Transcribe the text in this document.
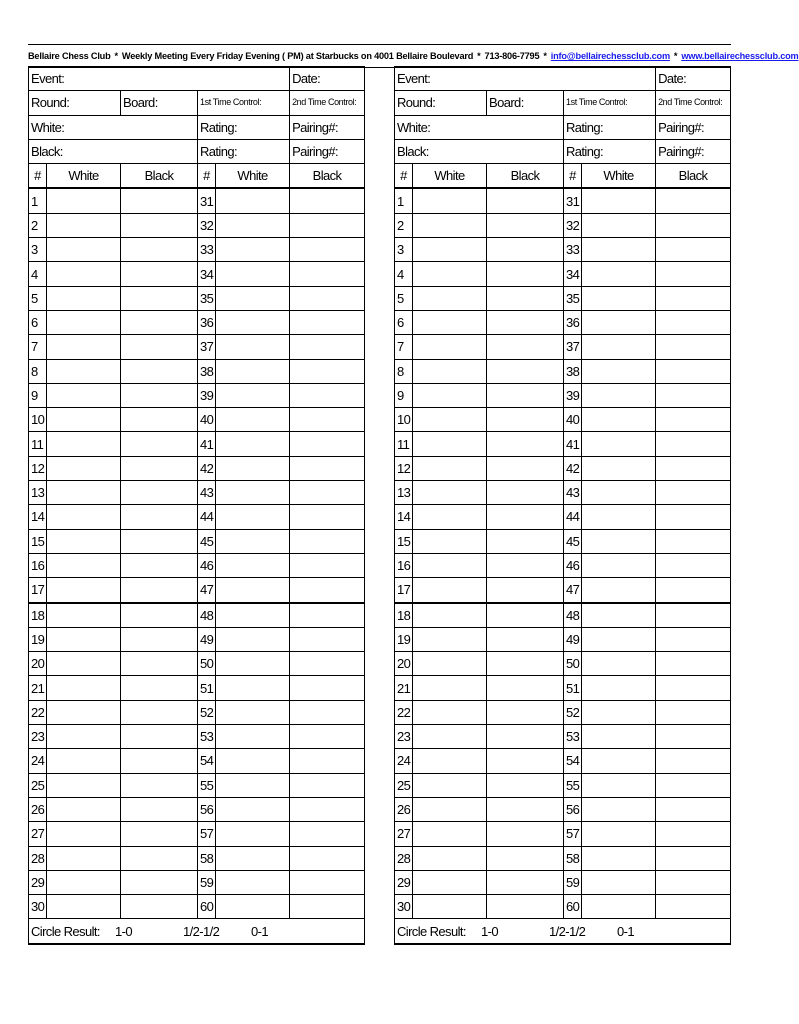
Bellaire Chess Club * Weekly Meeting Every Friday Evening ( PM) at Starbucks on 4001 Bellaire Boulevard * 713-806-7795 * info@bellairechessclub.com * www.bellairechessclub.com
Event:					Date:
Round:		Board:	1st Time Control:		2nd Time Control:
White:			Rating:		Pairing#:
Black:			Rating:		Pairing#:
#	White	Black	#	White	Black
1			31		
2			32		
3			33		
4			34		
5			35		
6			36		
7			37		
8			38		
9			39		
10			40		
11			41		
12			42		
13			43		
14			44		
15			45		
16			46		
17			47		
18			48		
19			49		
20			50		
21			51		
22			52		
23			53		
24			54		
25			55		
26			56		
27			57		
28			58		
29			59		
30			60		

Circle Result: 1-0 1/2-1/2 0-1					

Event:					Date:
Round:		Board:	1st Time Control:		2nd Time Control:
White:			Rating:		Pairing#:
Black:			Rating:		Pairing#:
#	White	Black	#	White	Black
1			31		
2			32		
3			33		
4			34		
5			35		
6			36		
7			37		
8			38		
9			39		
10			40		
11			41		
12			42		
13			43		
14			44		
15			45		
16			46		
17			47		
18			48		
19			49		
20			50		
21			51		
22			52		
23			53		
24			54		
25			55		
26			56		
27			57		
28			58		
29			59		
30			60		

Circle Result: 1-0 1/2-1/2 0-1					
